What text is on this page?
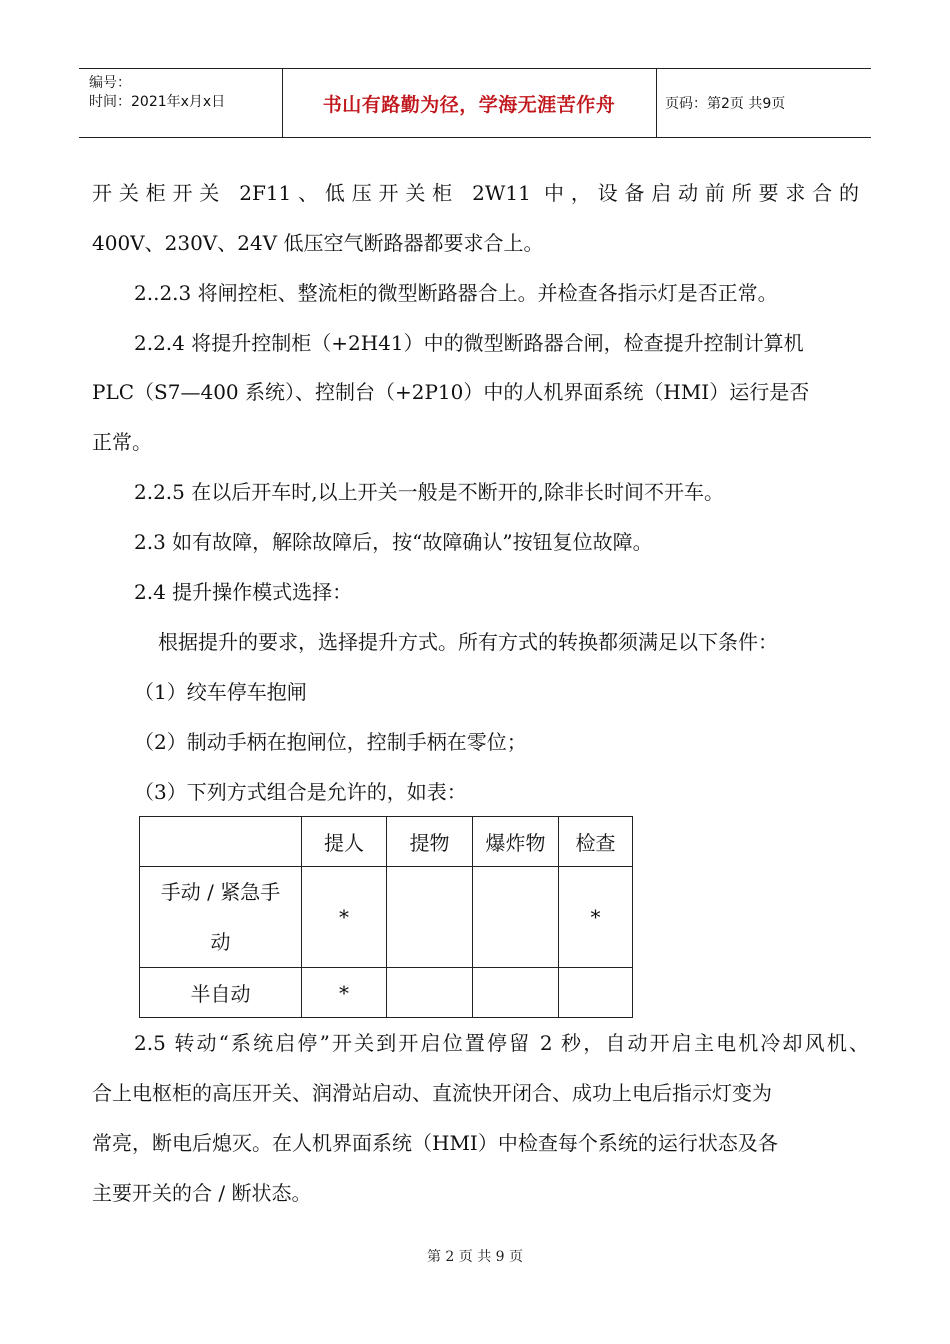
编号：
时间：2021年x月x日	书山有路勤为径，学海无涯苦作舟	页码：第2页 共9页
开关柜开关 2F11、低压开关柜 2W11 中，设备启动前所要求合的
400V、230V、24V 低压空气断路器都要求合上。
2..2.3 将闸控柜、整流柜的微型断路器合上。并检查各指示灯是否正常。
2.2.4 将提升控制柜（+2H41）中的微型断路器合闸，检查提升控制计算机
PLC（S7—400 系统）、控制台（+2P10）中的人机界面系统（HMI）运行是否
正常。
2.2.5 在以后开车时,以上开关一般是不断开的,除非长时间不开车。
2.3 如有故障，解除故障后，按“故障确认”按钮复位故障。
2.4 提升操作模式选择：
根据提升的要求，选择提升方式。所有方式的转换都须满足以下条件：
（1）绞车停车抱闸
（2）制动手柄在抱闸位，控制手柄在零位；
（3）下列方式组合是允许的，如表：
	提人	提物	爆炸物	检查

手动 / 紧急手
动	*			*
半自动	*			
2.5 转动“系统启停”开关到开启位置停留 2 秒，自动开启主电机冷却风机、
合上电枢柜的高压开关、润滑站启动、直流快开闭合、成功上电后指示灯变为
常亮，断电后熄灭。在人机界面系统（HMI）中检查每个系统的运行状态及各
主要开关的合 / 断状态。
第 2 页 共 9 页
